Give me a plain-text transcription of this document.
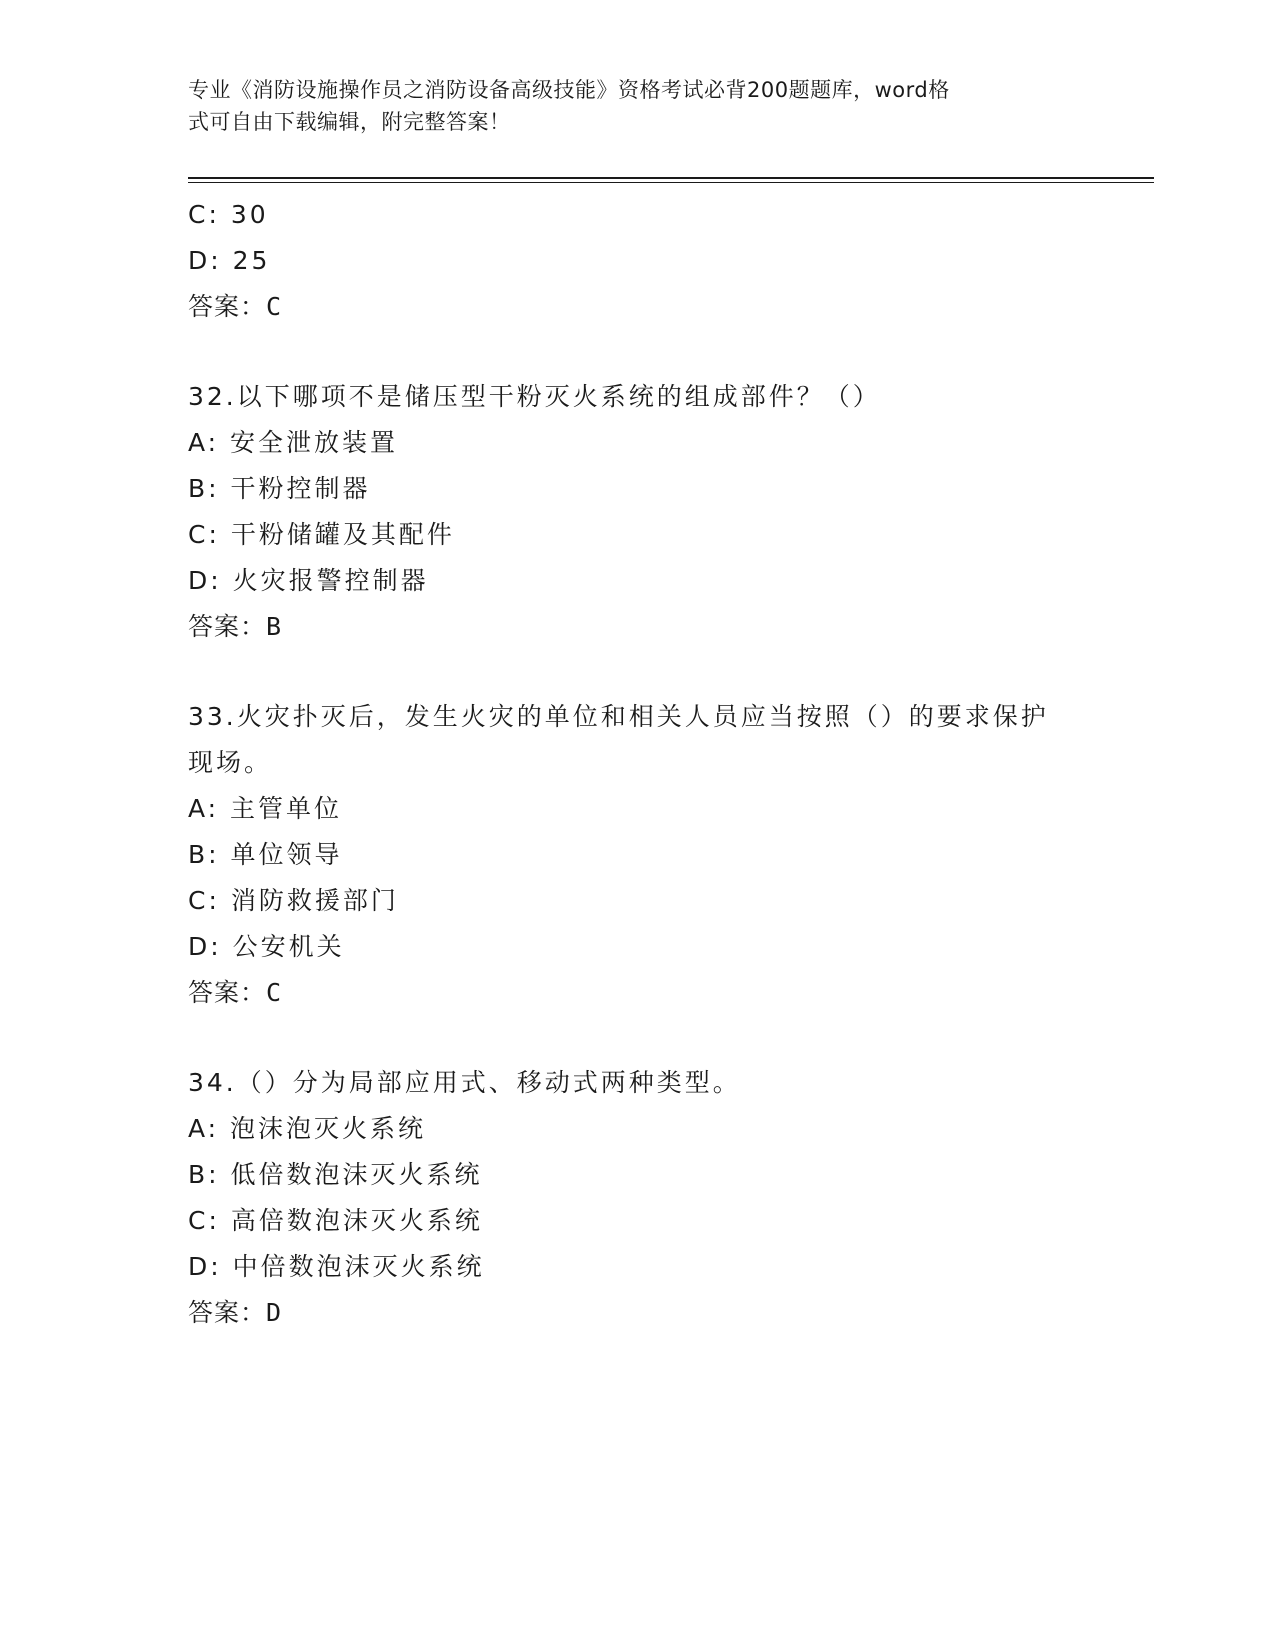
专业《消防设施操作员之消防设备高级技能》资格考试必背200题题库，word格
式可自由下载编辑，附完整答案！
C: 30
D: 25
答案：C
32.以下哪项不是储压型干粉灭火系统的组成部件？（）
A: 安全泄放装置
B: 干粉控制器
C: 干粉储罐及其配件
D: 火灾报警控制器
答案：B
33.火灾扑灭后，发生火灾的单位和相关人员应当按照（）的要求保护
现场。
A: 主管单位
B: 单位领导
C: 消防救援部门
D: 公安机关
答案：C
34.（）分为局部应用式、移动式两种类型。
A: 泡沫泡灭火系统
B: 低倍数泡沫灭火系统
C: 高倍数泡沫灭火系统
D: 中倍数泡沫灭火系统
答案：D
